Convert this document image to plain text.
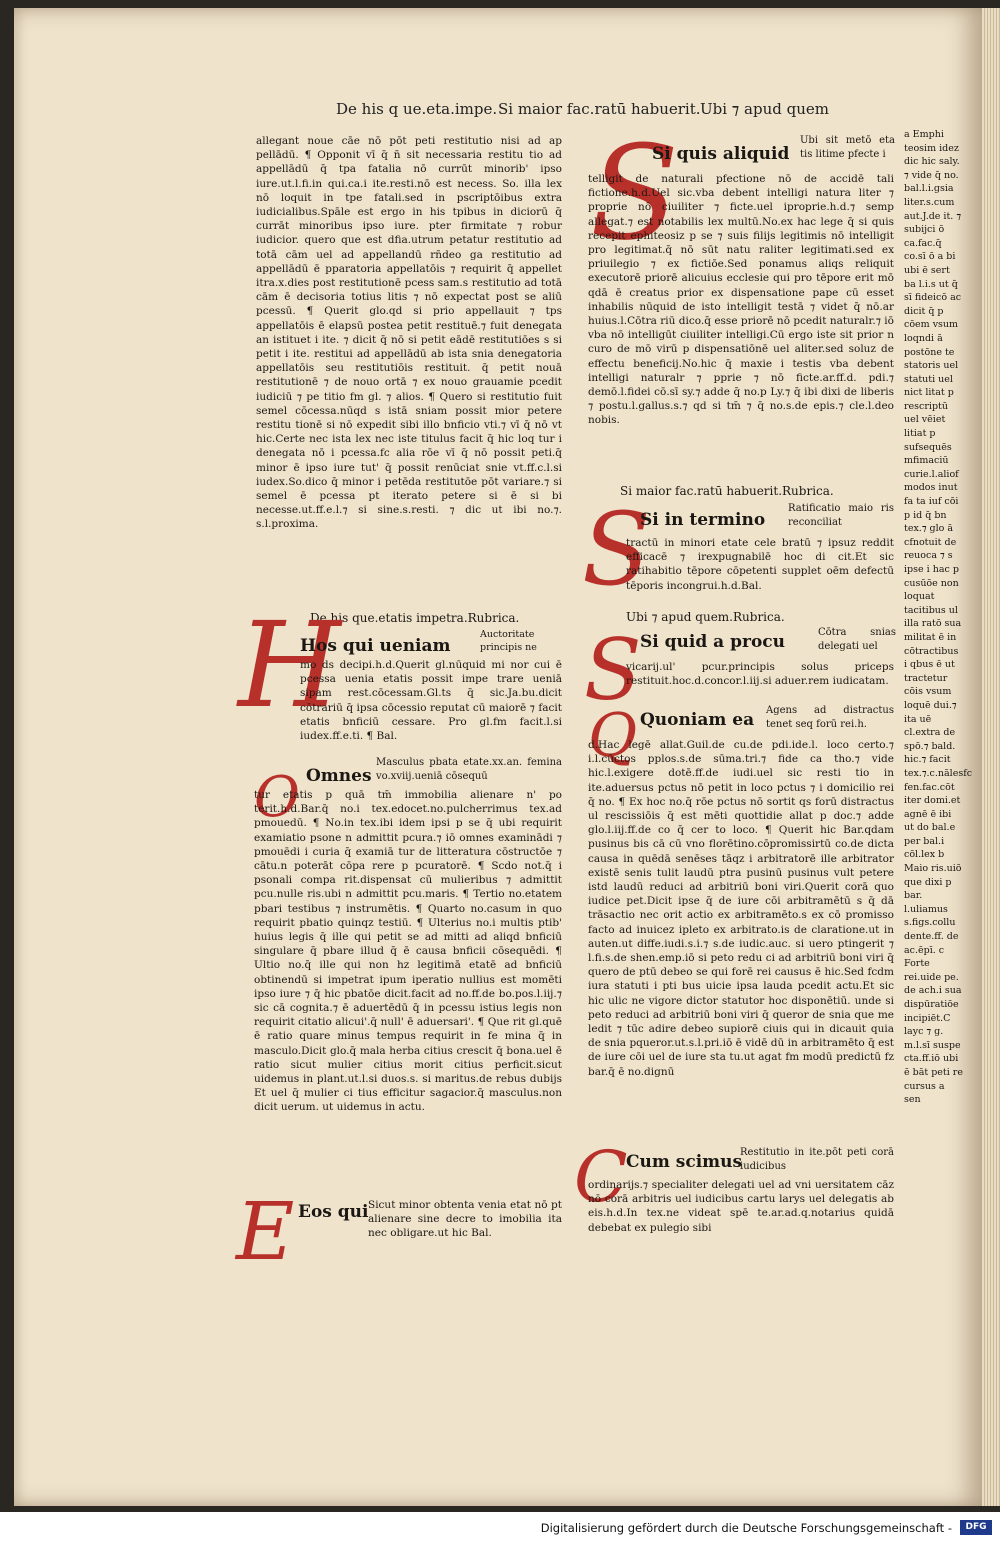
De his q ue.eta.impe. Si maior fac.ratū habuerit. Ubi ⁊ apud quem

allegant noue cāe nō pōt peti restitutio nisi ad ap pellādū. ¶ Opponit vī q̄ n̄ sit necessaria restitu tio ad appellādū q̄ tpa fatalia nō currūt minorib' ipso iure.ut.l.fi.in qui.ca.i ite.resti.nō est necess. So. illa lex nō loquit in tpe fatali.sed in pscriptōibus extra iudicialibus.Spāle est ergo in his tpibus in diciorū q̄ currāt minoribus ipso iure. pter firmitate ⁊ robur iudicior. quero que est dfia.utrum petatur restitutio ad totā cām uel ad appellandū rn̄deo ga restitutio ad appellādū ē pparatoria appellatōis ⁊ requirit q̄ appellet itra.x.dies post restitutionē pcess sam.s restitutio ad totā cām ē decisoria totius litis ⁊ nō expectat post se aliū pcessū. ¶ Querit glo.qd si prio appellauit ⁊ tps appellatōis ē elapsū postea petit restituē.⁊ fuit denegata an istituet i ite. ⁊ dicit q̄ nō si petit eādē restitutiōes s si petit i ite. restitui ad appellādū ab ista snia denegatoria appellatōis seu restitutiōis restituit. q̄ petit nouā restitutionē ⁊ de nouo ortā ⁊ ex nouo grauamie pcedit iudiciū ⁊ pe titio fm gl. ⁊ alios. ¶ Quero si restitutio fuit semel cōcessa.nūqd s istā sniam possit mior petere restitu tionē si nō expedit sibi illo bnficio vti.⁊ vī q̄ nō vt hic.Certe nec ista lex nec iste titulus facit q̄ hic loq tur i denegata nō i pcessa.fc alia rōe vī q̄ nō possit peti.q̄ minor ē ipso iure tut' q̄ possit renūciat snie vt.ff.c.l.si iudex.So.dico q̄ minor i petēda restitutōe pōt variare.⁊ si semel ē pcessa pt iterato petere si ē si bi necesse.ut.ff.e.l.⁊ si sine.s.resti. ⁊ dic ut ibi no.⁊. s.l.proxima.

De his que.etatis impetra.Rubrica.
H
Hos qui ueniam
Auctoritate principis ne
mo ds decipi.h.d.Querit gl.nūquid mi nor cui ē pcessa uenia etatis possit impe trare ueniā sipam rest.cōcessam.Gl.ts q̄ sic.Ja.bu.dicit cōtrariū q̄ ipsa cōcessio reputat cū maiorē ⁊ facit etatis bnficiū cessare. Pro gl.fm facit.l.si iudex.ff.e.ti. ¶ Bal.
O Omnes
Masculus pbata etate.xx.an. femina vo.xviij.ueniā cōsequū
tur etatis p quā tm̄ immobilia alienare n' po terit.h.d.Bar.q̄ no.i tex.edocet.no.pulcherrimus tex.ad pmouedū. ¶ No.in tex.ibi idem ipsi p se q̄ ubi requirit examiatio psone n admittit pcura.⁊ iō omnes examinādi ⁊ pmouēdi i curia q̄ examiā tur de litteratura cōstructōe ⁊ cātu.n poterāt cōpa rere p pcuratorē. ¶ Scdo not.q̄ i psonali compa rit.dispensat cū mulieribus ⁊ admittit pcu.nulle ris.ubi n admittit pcu.maris. ¶ Tertio no.etatem pbari testibus ⁊ instrumētis. ¶ Quarto no.casum in quo requirit pbatio quinqz testiū. ¶ Ulterius no.i multis ptib' huius legis q̄ ille qui petit se ad mitti ad aliqd bnficiū singulare q̄ pbare illud q̄ ē causa bnficii cōsequēdi. ¶ Ultio no.q̄ ille qui non hz legitimā etatē ad bnficiū obtinendū si impetrat ipum iperatio nullius est momēti ipso iure ⁊ q̄ hic pbatōe dicit.facit ad no.ff.de bo.pos.l.iij.⁊ sic cā cognita.⁊ ē aduertēdū q̄ in pcessu istius legis non requirit citatio alicui'.q̄ null' ē aduersari'. ¶ Que rit gl.quē ē ratio quare minus tempus requirit in fe mina q̄ in masculo.Dicit glo.q̄ mala herba citius crescit q̄ bona.uel ē ratio sicut mulier citius morit citius perficit.sicut uidemus in plant.ut.l.si duos.s. si maritus.de rebus dubijs Et uel q̄ mulier ci tius efficitur sagacior.q̄ masculus.non dicit uerum. ut uidemus in actu.
E Eos qui Sicut minor obtenta venia etat nō pt alienare sine decre to imobilia ita nec obligare.ut hic Bal.
S
Si quis aliquid
Ubi sit metō eta tis litime pfecte i
telligit de naturali pfectione nō de accidē tali fictione.h.d.Uel sic.vba debent intelligi natura liter ⁊ proprie nō ciuiliter ⁊ ficte.uel iproprie.h.d.⁊ semp allegat.⁊ est notabilis lex multū.No.ex hac lege q̄ si quis recepit ephiteosiz p se ⁊ suis filijs legitimis nō intelligit pro legitimat.q̄ nō sūt natu raliter legitimati.sed ex priuilegio ⁊ ex fictiōe.Sed ponamus aliqs reliquit executorē priorē alicuius ecclesie qui pro tēpore erit mō qdā ē creatus prior ex dispensatione pape cū esset inhabilis nūquid de isto intelligit testā ⁊ videt q̄ nō.ar huius.l.Cōtra riū dico.q̄ esse priorē nō pcedit naturalr.⁊ iō vba nō intelligūt ciuiliter intelligi.Cū ergo iste sit prior n curo de mō virū p dispensatiōnē uel aliter.sed soluz de effectu beneficij.No.hic q̄ maxie i testis vba debent intelligi naturalr ⁊ pprie ⁊ nō ficte.ar.ff.d. pdi.⁊ demō.l.fidei cō.sī sy.⁊ adde q̄ no.p Ly.⁊ q̄ ibi dixi de liberis ⁊ postu.l.gallus.s.⁊ qd si tm̄ ⁊ q̄ no.s.de epis.⁊ cle.l.deo nobis.
Si maior fac.ratū habuerit.Rubrica.
S
Si in termino
Ratificatio maio ris reconciliat
tractū in minori etate cele bratū ⁊ ipsuz reddit efficacē ⁊ irexpugnabilē hoc di cit.Et sic ratihabitio tēpore cōpetenti supplet oēm defectū tēporis incongrui.h.d.Bal.
Ubi ⁊ apud quem.Rubrica.
S
Si quid a procu	Cōtra snias delegati uel
vicarij.ul' pcur.principis solus priceps restituit.hoc.d.concor.l.iij.si aduer.rem iudicatam.
Q Quoniam ea Agens ad distractus tenet seq forū rei.h.
d.Hac legē allat.Guil.de cu.de pdi.ide.l. loco certo.⁊ i.l.cūctos pplos.s.de sūma.tri.⁊ fide ca tho.⁊ vide hic.l.exigere dotē.ff.de iudi.uel sic resti tio in ite.aduersus pctus nō petit in loco pctus ⁊ i domicilio rei q̄ no. ¶ Ex hoc no.q̄ rōe pctus nō sortit qs forū distractus ul rescissiōis q̄ est mēti quottidie allat p doc.⁊ adde glo.l.iij.ff.de co q̄ cer to loco. ¶ Querit hic Bar.qdam pusinus bis cā cū vno florētino.cōpromissirtū co.de dicta causa in quēdā senēses tāqz i arbitratorē ille arbitrator existē senis tulit laudū ptra pusinū pusinus vult petere istd laudū reduci ad arbitriū boni viri.Querit corā quo iudice pet.Dicit ipse q̄ de iure cōi arbitramētū s q̄ dā trāsactio nec orit actio ex arbitramēto.s ex cō promisso facto ad inuicez ipleto ex arbitrato.is de claratione.ut in auten.ut diffe.iudi.s.i.⁊ s.de iudic.auc. si uero ptingerit ⁊ l.fi.s.de shen.emp.iō si peto redu ci ad arbitriū boni viri q̄ quero de ptū debeo se qui forē rei causus ē hic.Sed fcdm iura statuti i pti bus uicie ipsa lauda pcedit actu.Et sic hic ulic ne vigore dictor statutor hoc disponētiū. unde si peto reduci ad arbitriū boni viri q̄ queror de snia que me ledit ⁊ tūc adire debeo supiorē ciuis qui in dicauit quia de snia pqueror.ut.s.l.pri.iō ē vidē dū in arbitramēto q̄ est de iure cōi uel de iure sta tu.ut agat fm modū predictū fz bar.q̄ ē no.dignū
C
Cum scimus
Restitutio in ite.pōt peti corā iudicibus
ordinarijs.⁊ specialiter delegati uel ad vni uersitatem cāz nō corā arbitris uel iudicibus cartu larys uel delegatis ab eis.h.d.In tex.ne videat spē te.ar.ad.q.notarius quidā debebat ex pulegio sibi

a Emphi teosim idez dic hic saly. ⁊ vide q̄ no. bal.l.i.gsia liter.s.cum aut.J.de it. ⁊ subijci ō ca.fac.q̄ co.sī ō a bi ubi ē sert ba l.i.s ut q̄ sī fideicō ac dicit q̄ p cōem vsum loqndi ā postōne te statoris uel statuti uel nict litat p rescriptū uel vēiet litiat p sufsequēs mfimaciū curie.l.aliof modos inut fa ta iuf cōi p id q̄ bn tex.⁊ glo ā cfnotuit de reuoca ⁊ s ipse i hac p cusūōe non loquat tacitibus ul illa ratō sua militat ē in cōtractibus i qbus ē ut tractetur cōis vsum loquē dui.⁊ ita uē cl.extra de spō.⁊ bald. hic.⁊ facit tex.⁊.c.nālesfc fen.fac.cōt iter domi.et agnē ē ibi ut do bal.e per bal.i cōl.lex b Maio ris.uiō que dixi p bar. l.uliamus s.figs.collu dente.ff. de ac.ēpī. c Forte rei.uide pe. de ach.i sua dispūratiōe incipiēt.C layc ⁊ g. m.l.sī suspe cta.ff.iō ubi ē bāt peti re cursus a sen

Digitalisierung gefördert durch die Deutsche Forschungsgemeinschaft -	DFG
